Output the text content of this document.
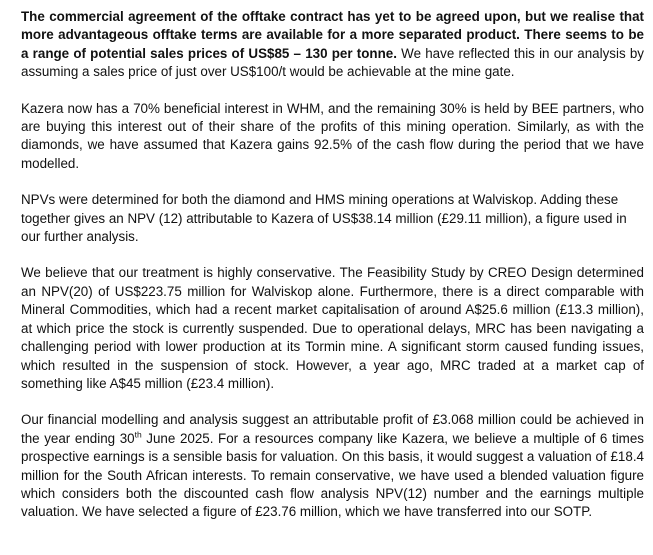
The commercial agreement of the offtake contract has yet to be agreed upon, but we realise that more advantageous offtake terms are available for a more separated product. There seems to be a range of potential sales prices of US$85 – 130 per tonne. We have reflected this in our analysis by assuming a sales price of just over US$100/t would be achievable at the mine gate.

Kazera now has a 70% beneficial interest in WHM, and the remaining 30% is held by BEE partners, who are buying this interest out of their share of the profits of this mining operation. Similarly, as with the diamonds, we have assumed that Kazera gains 92.5% of the cash flow during the period that we have modelled.

NPVs were determined for both the diamond and HMS mining operations at Walviskop. Adding these together gives an NPV (12) attributable to Kazera of US$38.14 million (£29.11 million), a figure used in our further analysis.

We believe that our treatment is highly conservative. The Feasibility Study by CREO Design determined an NPV(20) of US$223.75 million for Walviskop alone. Furthermore, there is a direct comparable with Mineral Commodities, which had a recent market capitalisation of around A$25.6 million (£13.3 million), at which price the stock is currently suspended. Due to operational delays, MRC has been navigating a challenging period with lower production at its Tormin mine. A significant storm caused funding issues, which resulted in the suspension of stock. However, a year ago, MRC traded at a market cap of something like A$45 million (£23.4 million).

Our financial modelling and analysis suggest an attributable profit of £3.068 million could be achieved in the year ending 30th June 2025. For a resources company like Kazera, we believe a multiple of 6 times prospective earnings is a sensible basis for valuation. On this basis, it would suggest a valuation of £18.4 million for the South African interests. To remain conservative, we have used a blended valuation figure which considers both the discounted cash flow analysis NPV(12) number and the earnings multiple valuation. We have selected a figure of £23.76 million, which we have transferred into our SOTP.
